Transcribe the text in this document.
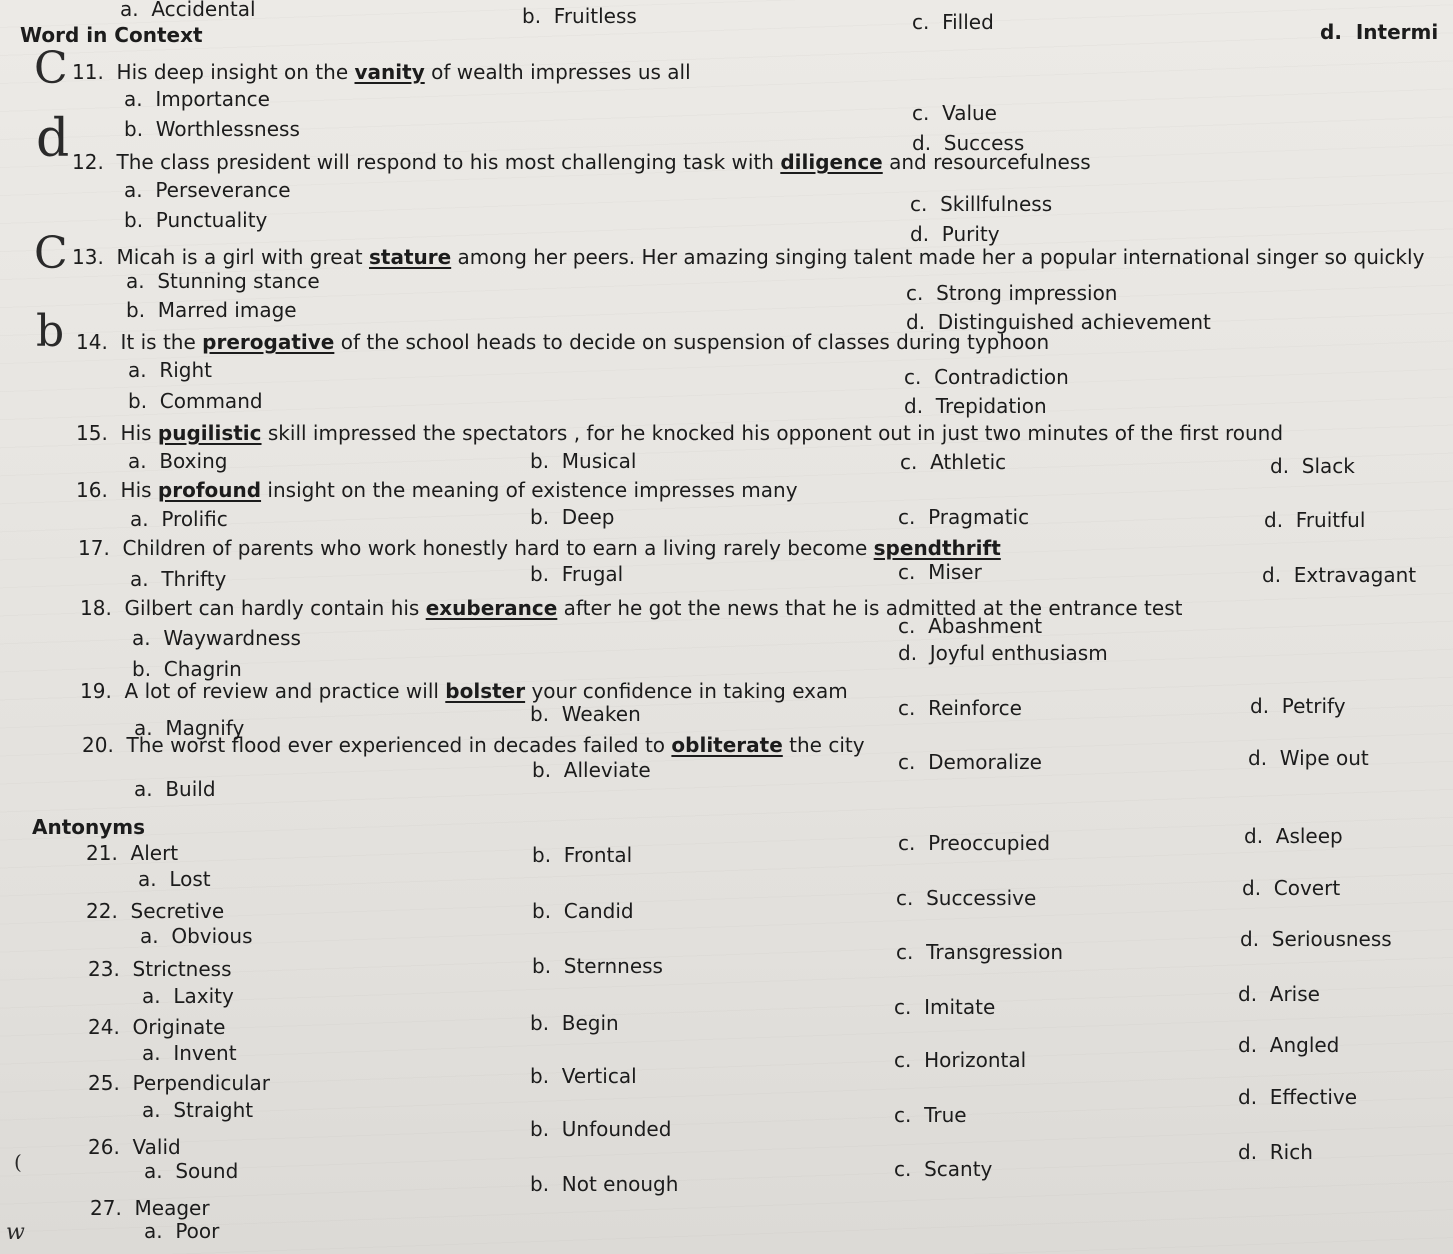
a.  Accidental	b.  Fruitless	c.  Filled	d.  Intermi
Word in Context
C
d
C
b
(
w
11. His deep insight on the vanity of wealth impresses us all
a.  Importance
b.  Worthlessness
c.  Value
d.  Success
12. The class president will respond to his most challenging task with diligence and resourcefulness
a.  Perseverance
b.  Punctuality
c.  Skillfulness
d.  Purity
13. Micah is a girl with great stature among her peers. Her amazing singing talent made her a popular international singer so quickly
a.  Stunning stance
b.  Marred image
c.  Strong impression
d.  Distinguished achievement
14. It is the prerogative of the school heads to decide on suspension of classes during typhoon
a.  Right
b.  Command
c.  Contradiction
d.  Trepidation
15. His pugilistic skill impressed the spectators , for he knocked his opponent out in just two minutes of the first round
a.  Boxing	b.  Musical	c.  Athletic	d.  Slack
16. His profound insight on the meaning of existence impresses many
a.  Prolific	b.  Deep	c.  Pragmatic	d.  Fruitful
17. Children of parents who work honestly hard to earn a living rarely become spendthrift
a.  Thrifty	b.  Frugal	c.  Miser	d.  Extravagant
18. Gilbert can hardly contain his exuberance after he got the news that he is admitted at the entrance test
a.  Waywardness
b.  Chagrin
c.  Abashment
d.  Joyful enthusiasm
19. A lot of review and practice will bolster your confidence in taking exam
a.  Magnify
b.  Weaken	c.  Reinforce	d.  Petrify
20. The worst flood ever experienced in decades failed to obliterate the city
a.  Build
b.  Alleviate	c.  Demoralize	d.  Wipe out
Antonyms
21.  Alert
a.  Lost
b.  Frontal	c.  Preoccupied	d.  Asleep
22.  Secretive
a.  Obvious
b.  Candid
c.  Successive	d.  Covert
23.  Strictness
a.  Laxity
b.  Sternness
c.  Transgression
d.  Seriousness
24.  Originate
a.  Invent
b.  Begin
c.  Imitate
d.  Arise
25.  Perpendicular
a.  Straight
b.  Vertical
c.  Horizontal
d.  Angled
26.  Valid
a.  Sound
b.  Unfounded
c.  True
d.  Effective
27.  Meager
a.  Poor
b.  Not enough
c.  Scanty
d.  Rich
